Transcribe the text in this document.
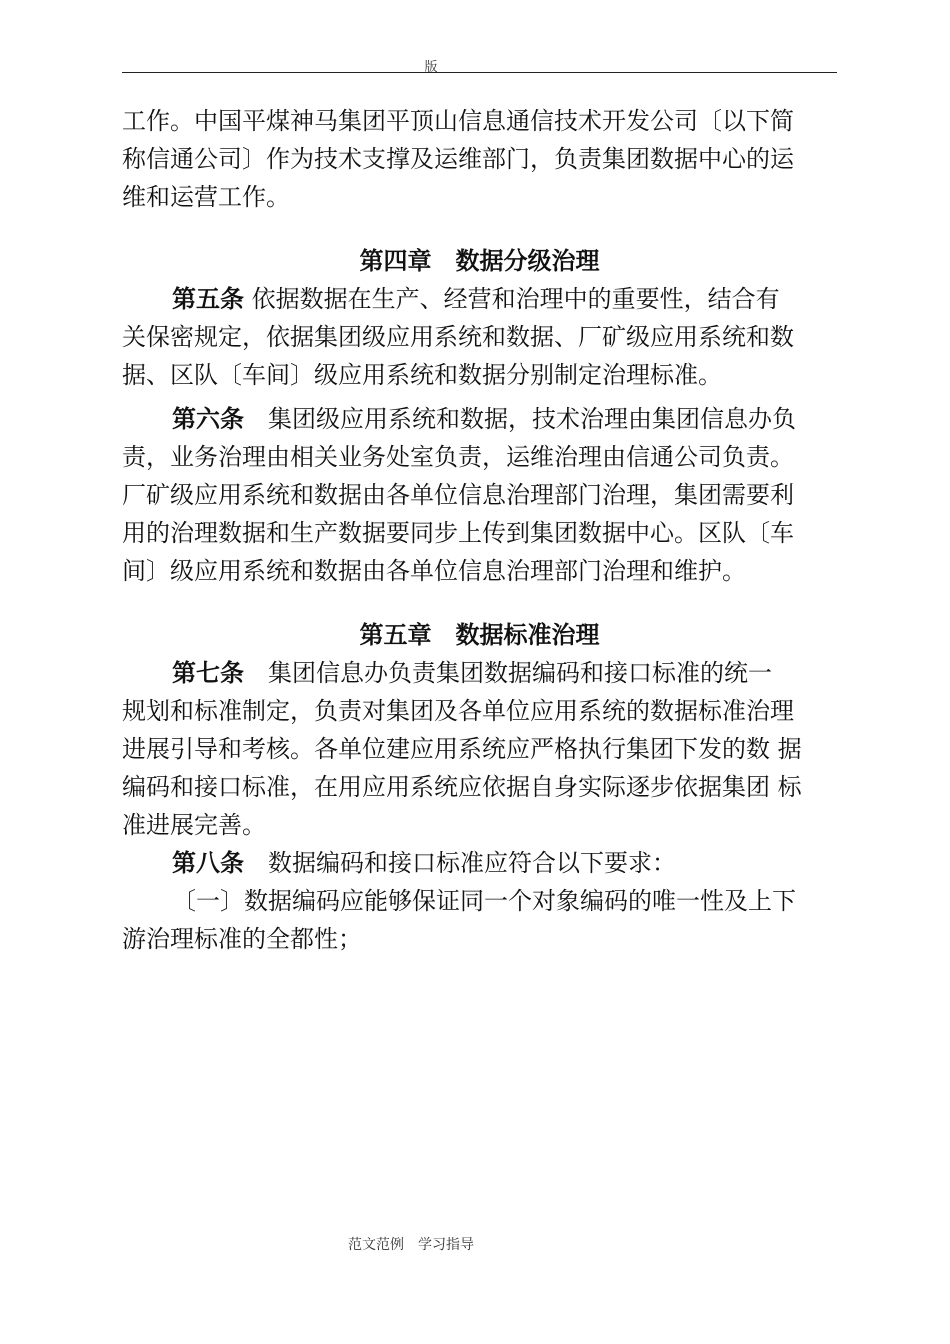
版
工作。中国平煤神马集团平顶山信息通信技术开发公司〔以下简
称信通公司〕作为技术支撑及运维部门，负责集团数据中心的运
维和运营工作。
第四章　数据分级治理
第五条 依据数据在生产、经营和治理中的重要性，结合有
关保密规定，依据集团级应用系统和数据、厂矿级应用系统和数
据、区队〔车间〕级应用系统和数据分别制定治理标准。
第六条　集团级应用系统和数据，技术治理由集团信息办负
责，业务治理由相关业务处室负责，运维治理由信通公司负责。
厂矿级应用系统和数据由各单位信息治理部门治理，集团需要利
用的治理数据和生产数据要同步上传到集团数据中心。区队〔车
间〕级应用系统和数据由各单位信息治理部门治理和维护。
第五章　数据标准治理
第七条　集团信息办负责集团数据编码和接口标准的统一
规划和标准制定，负责对集团及各单位应用系统的数据标准治理
进展引导和考核。各单位建应用系统应严格执行集团下发的数 据
编码和接口标准，在用应用系统应依据自身实际逐步依据集团 标
准进展完善。
第八条　数据编码和接口标准应符合以下要求：
〔一〕数据编码应能够保证同一个对象编码的唯一性及上下
游治理标准的全都性；
范文范例　学习指导
